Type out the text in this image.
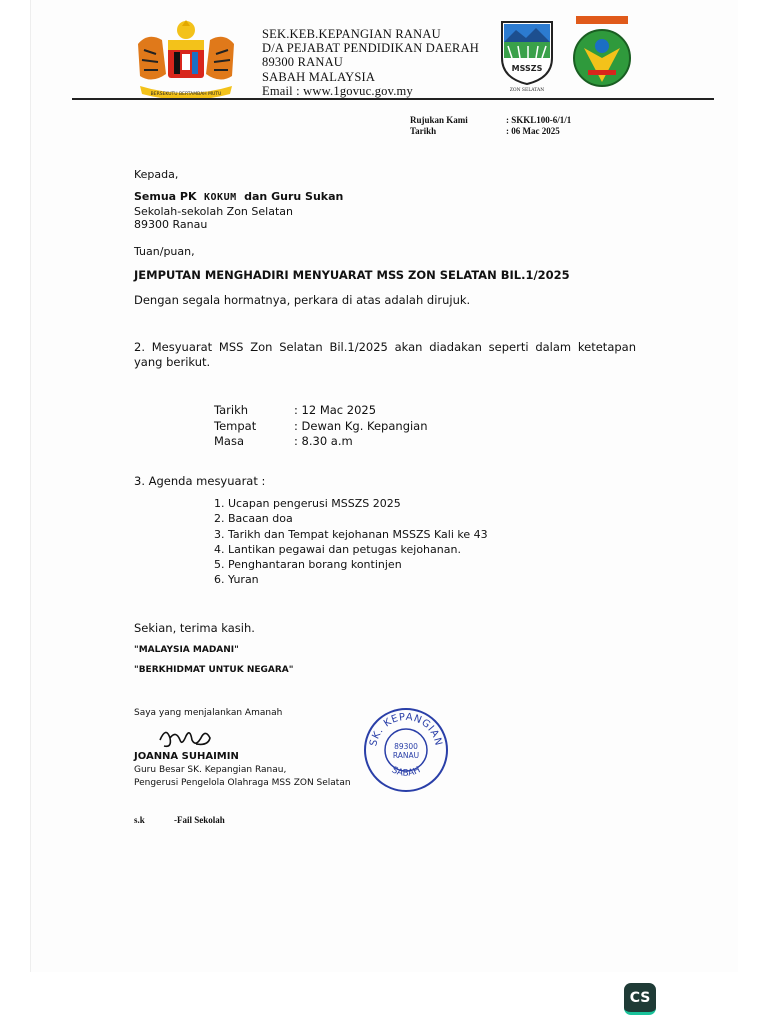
BERSEKUTU BERTAMBAH MUTU
SEK.KEB.KEPANGIAN RANAU
D/A PEJABAT PENDIDIKAN DAERAH
89300 RANAU
SABAH MALAYSIA
Email : www.1govuc.gov.my
MSSZS
ZON SELATAN
Rujukan Kami	: SKKL100-6/1/1
Tarikh	: 06 Mac 2025
Kepada,
Semua PK KOKUM dan Guru Sukan
Sekolah-sekolah Zon Selatan
89300 Ranau
Tuan/puan,
JEMPUTAN MENGHADIRI MENYUARAT MSS ZON SELATAN BIL.1/2025
Dengan segala hormatnya, perkara di atas adalah dirujuk.
2. Mesyuarat MSS Zon Selatan Bil.1/2025 akan diadakan seperti dalam ketetapan yang berikut.
Tarikh	: 12 Mac 2025
Tempat	: Dewan Kg. Kepangian
Masa	: 8.30 a.m
3. Agenda mesyuarat :
1. Ucapan pengerusi MSSZS 2025
2. Bacaan doa
3. Tarikh dan Tempat kejohanan MSSZS Kali ke 43
4. Lantikan pegawai dan petugas kejohanan.
5. Penghantaran borang kontinjen
6. Yuran
Sekian, terima kasih.
"MALAYSIA MADANI"
"BERKHIDMAT UNTUK NEGARA"
Saya yang menjalankan Amanah
JOANNA SUHAIMIN
Guru Besar SK. Kepangian Ranau,
Pengerusi Pengelola Olahraga MSS ZON Selatan
SK. KEPANGIAN
SABAH
89300
RANAU
s.k	-Fail Sekolah
CS
